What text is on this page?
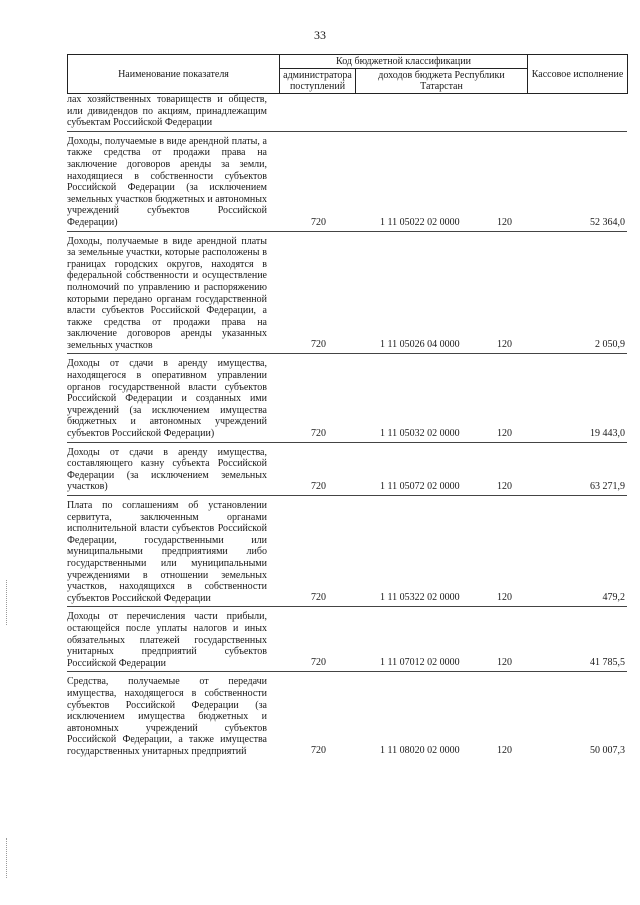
33
Наименование показателя	Код бюджетной классификации		Кассовое исполнение
	администратора поступлений	доходов бюджета Республики Татарстан	
лах хозяйственных товариществ и обществ, или дивидендов по акциям, принадлежащим субъектам Российской Федерации
Доходы, получаемые в виде арендной платы, а также средства от продажи права на заключение договоров аренды за земли, находящиеся в собственности субъектов Российской Федерации (за исключением земельных участков бюджетных и автономных учреждений субъектов Российской Федерации)	720	1 11 05022 02 0000	120	52 364,0
Доходы, получаемые в виде арендной платы за земельные участки, которые расположены в границах городских округов, находятся в федеральной собственности и осуществление полномочий по управлению и распоряжению которыми передано органам государственной власти субъектов Российской Федерации, а также средства от продажи права на заключение договоров аренды указанных земельных участков	720	1 11 05026 04 0000	120	2 050,9
Доходы от сдачи в аренду имущества, находящегося в оперативном управлении органов государственной власти субъектов Российской Федерации и созданных ими учреждений (за исключением имущества бюджетных и автономных учреждений субъектов Российской Федерации)	720	1 11 05032 02 0000	120	19 443,0
Доходы от сдачи в аренду имущества, составляющего казну субъекта Российской Федерации (за исключением земельных участков)	720	1 11 05072 02 0000	120	63 271,9
Плата по соглашениям об установлении сервитута, заключенным органами исполнительной власти субъектов Российской Федерации, государственными или муниципальными предприятиями либо государственными или муниципальными учреждениями в отношении земельных участков, находящихся в собственности субъектов Российской Федерации	720	1 11 05322 02 0000	120	479,2
Доходы от перечисления части прибыли, остающейся после уплаты налогов и иных обязательных платежей государственных унитарных предприятий субъектов Российской Федерации	720	1 11 07012 02 0000	120	41 785,5
Средства, получаемые от передачи имущества, находящегося в собственности субъектов Российской Федерации (за исключением имущества бюджетных и автономных учреждений субъектов Российской Федерации, а также имущества государственных унитарных предприятий	720	1 11 08020 02 0000	120	50 007,3
